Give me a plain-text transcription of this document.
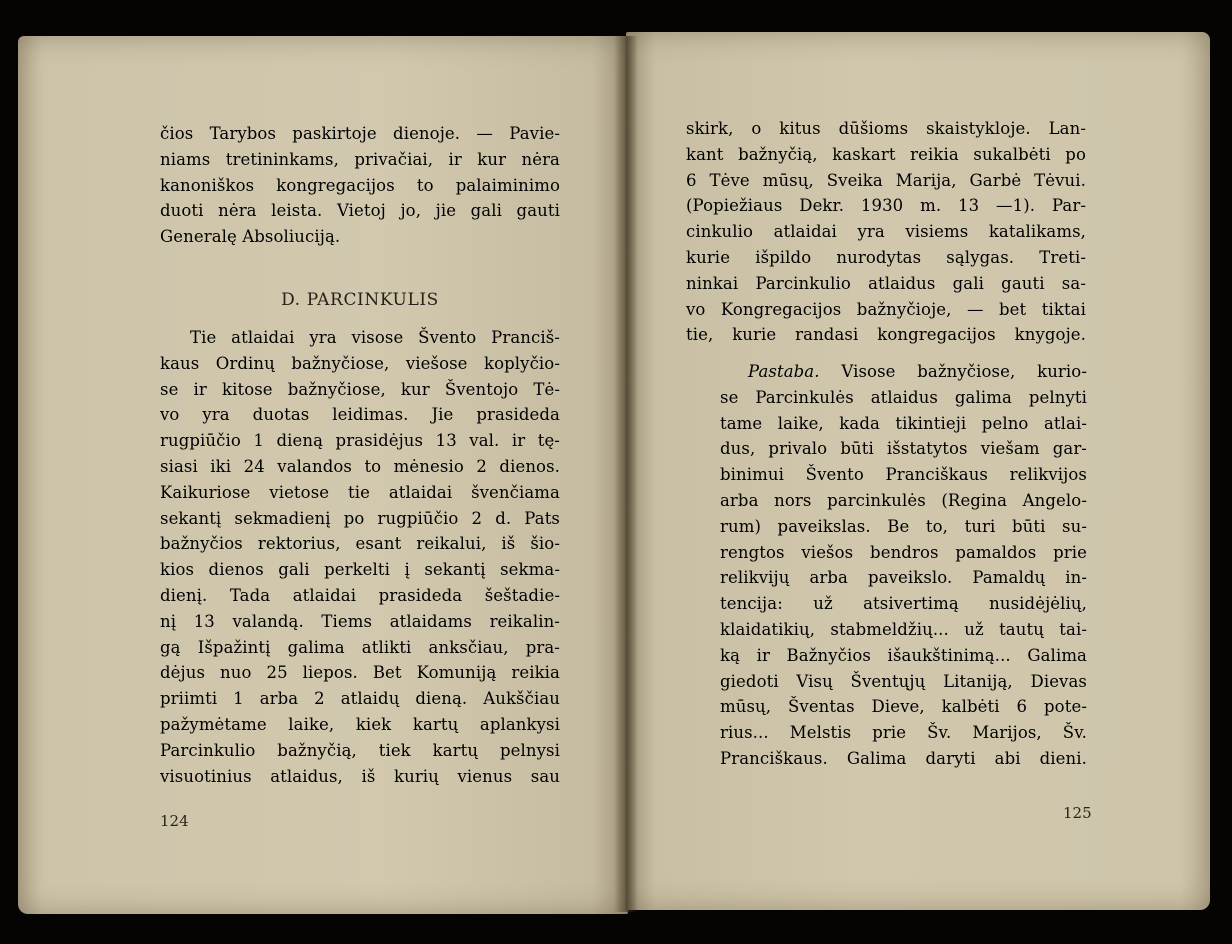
čios Tarybos paskirtoje dienoje. — Pavie-
niams tretininkams, privačiai, ir kur nėra
kanoniškos kongregacijos to palaiminimo
duoti nėra leista. Vietoj jo, jie gali gauti
Generalę Absoliuciją.
D. PARCINKULIS
Tie atlaidai yra visose Švento Pranciš-
kaus Ordinų bažnyčiose, viešose koplyčio-
se ir kitose bažnyčiose, kur Šventojo Tė-
vo yra duotas leidimas. Jie prasideda
rugpiūčio 1 dieną prasidėjus 13 val. ir tę-
siasi iki 24 valandos to mėnesio 2 dienos.
Kaikuriose vietose tie atlaidai švenčiama
sekantį sekmadienį po rugpiūčio 2 d. Pats
bažnyčios rektorius, esant reikalui, iš šio-
kios dienos gali perkelti į sekantį sekma-
dienį. Tada atlaidai prasideda šeštadie-
nį 13 valandą. Tiems atlaidams reikalin-
gą Išpažintį galima atlikti anksčiau, pra-
dėjus nuo 25 liepos. Bet Komuniją reikia
priimti 1 arba 2 atlaidų dieną. Aukščiau
pažymėtame laike, kiek kartų aplankysi
Parcinkulio bažnyčią, tiek kartų pelnysi
visuotinius atlaidus, iš kurių vienus sau
124
skirk, o kitus dūšioms skaistykloje. Lan-
kant bažnyčią, kaskart reikia sukalbėti po
6 Tėve mūsų, Sveika Marija, Garbė Tėvui.
(Popiežiaus Dekr. 1930 m. 13 —1). Par-
cinkulio atlaidai yra visiems katalikams,
kurie išpildo nurodytas sąlygas. Treti-
ninkai Parcinkulio atlaidus gali gauti sa-
vo Kongregacijos bažnyčioje, — bet tiktai
tie, kurie randasi kongregacijos knygoje.
Pastaba. Visose bažnyčiose, kurio-
se Parcinkulės atlaidus galima pelnyti
tame laike, kada tikintieji pelno atlai-
dus, privalo būti išstatytos viešam gar-
binimui Švento Pranciškaus relikvijos
arba nors parcinkulės (Regina Angelo-
rum) paveikslas. Be to, turi būti su-
rengtos viešos bendros pamaldos prie
relikvijų arba paveikslo. Pamaldų in-
tencija: už atsivertimą nusidėjėlių,
klaidatikių, stabmeldžių... už tautų tai-
ką ir Bažnyčios išaukštinimą... Galima
giedoti Visų Šventųjų Litaniją, Dievas
mūsų, Šventas Dieve, kalbėti 6 pote-
rius... Melstis prie Šv. Marijos, Šv.
Pranciškaus. Galima daryti abi dieni.
125
